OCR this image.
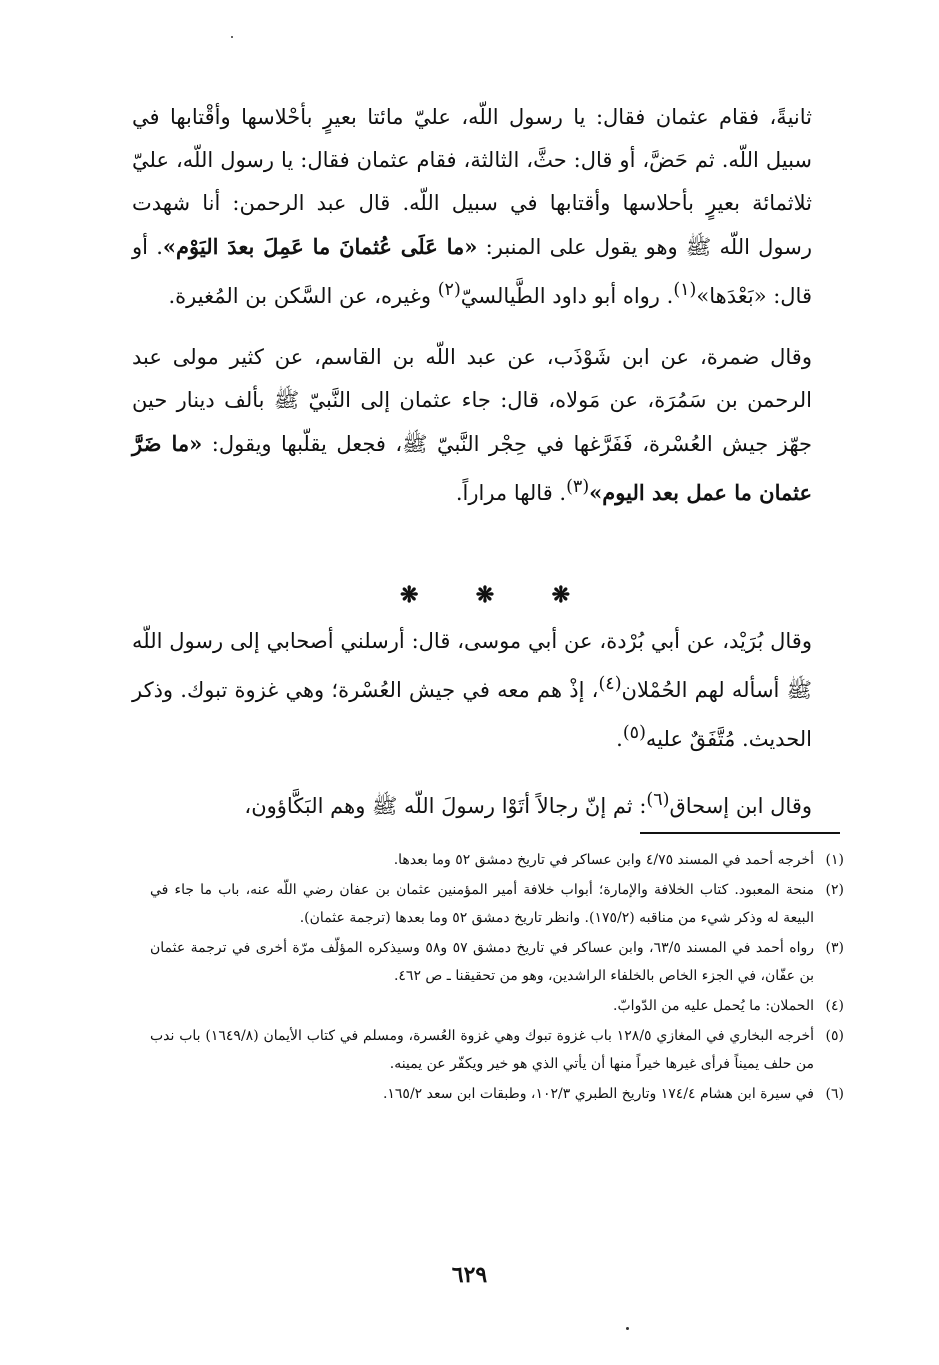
ثانيةً، فقام عثمان فقال: يا رسول اللّه، عليّ مائتا بعيرٍ بأحْلاسها وأقْتابها في سبيل اللّه. ثم حَضَّ، أو قال: حثَّ، الثالثة، فقام عثمان فقال: يا رسول اللّه، عليّ ثلاثمائة بعيرٍ بأحلاسها وأقتابها في سبيل اللّه. قال عبد الرحمن: أنا شهدت رسول اللّه ﷺ وهو يقول على المنبر: «ما عَلَى عُثمانَ ما عَمِلَ بعدَ اليَوْم». أو قال: «بَعْدَها»$^{(١)}$. رواه أبو داود الطَّيالسيّ$^{(٢)}$ وغيره، عن السَّكن بن المُغيرة.

وقال ضمرة، عن ابن شَوْذَب، عن عبد اللّه بن القاسم، عن كثير مولى عبد الرحمن بن سَمُرَة، عن مَولاه، قال: جاء عثمان إلى النَّبيّ ﷺ بألف دينار حين جهّز جيش العُسْرة، فَفَرَّغها في حِجْر النَّبيّ ﷺ، فجعل يقلّبها ويقول: «ما ضَرَّ عثمان ما عمل بعد اليوم»$^{(٣)}$. قالها مراراً.

❋	❋	❋

وقال بُرَيْد، عن أبي بُرْدة، عن أبي موسى، قال: أرسلني أصحابي إلى رسول اللّه ﷺ أسأله لهم الحُمْلان$^{(٤)}$، إذْ هم معه في جيش العُسْرة؛ وهي غزوة تبوك. وذكر الحديث. مُتَّفَقٌ عليه$^{(٥)}$.

وقال ابن إسحاق$^{(٦)}$: ثم إنّ رجالاً أتَوْا رسولَ اللّه ﷺ وهم البَكَّاؤون،

(١)
أخرجه أحمد في المسند ٤/٧٥ وابن عساكر في تاريخ دمشق ٥٢ وما بعدها.
(٢)
منحة المعبود. كتاب الخلافة والإمارة؛ أبواب خلافة أمير المؤمنين عثمان بن عفان رضي اللّه عنه، باب ما جاء في البيعة له وذكر شيء من مناقبه (١٧٥/٢). وانظر تاريخ دمشق ٥٢ وما بعدها (ترجمة عثمان).
(٣)
رواه أحمد في المسند ٦٣/٥، وابن عساكر في تاريخ دمشق ٥٧ و٥٨ وسيذكره المؤلّف مرّة أخرى في ترجمة عثمان بن عفّان، في الجزء الخاص بالخلفاء الراشدين، وهو من تحقيقنا ـ ص ٤٦٢.
(٤)
الحملان: ما يُحمل عليه من الدّوابّ.
(٥)
أخرجه البخاري في المغازي ١٢٨/٥ باب غزوة تبوك وهي غزوة العُسرة، ومسلم في كتاب الأيمان (١٦٤٩/٨) باب ندب من حلف يميناً فرأى غيرها خيراً منها أن يأتي الذي هو خير ويكفّر عن يمينه.
(٦)
في سيرة ابن هشام ١٧٤/٤ وتاريخ الطبري ١٠٢/٣، وطبقات ابن سعد ١٦٥/٢.
٦٢٩
